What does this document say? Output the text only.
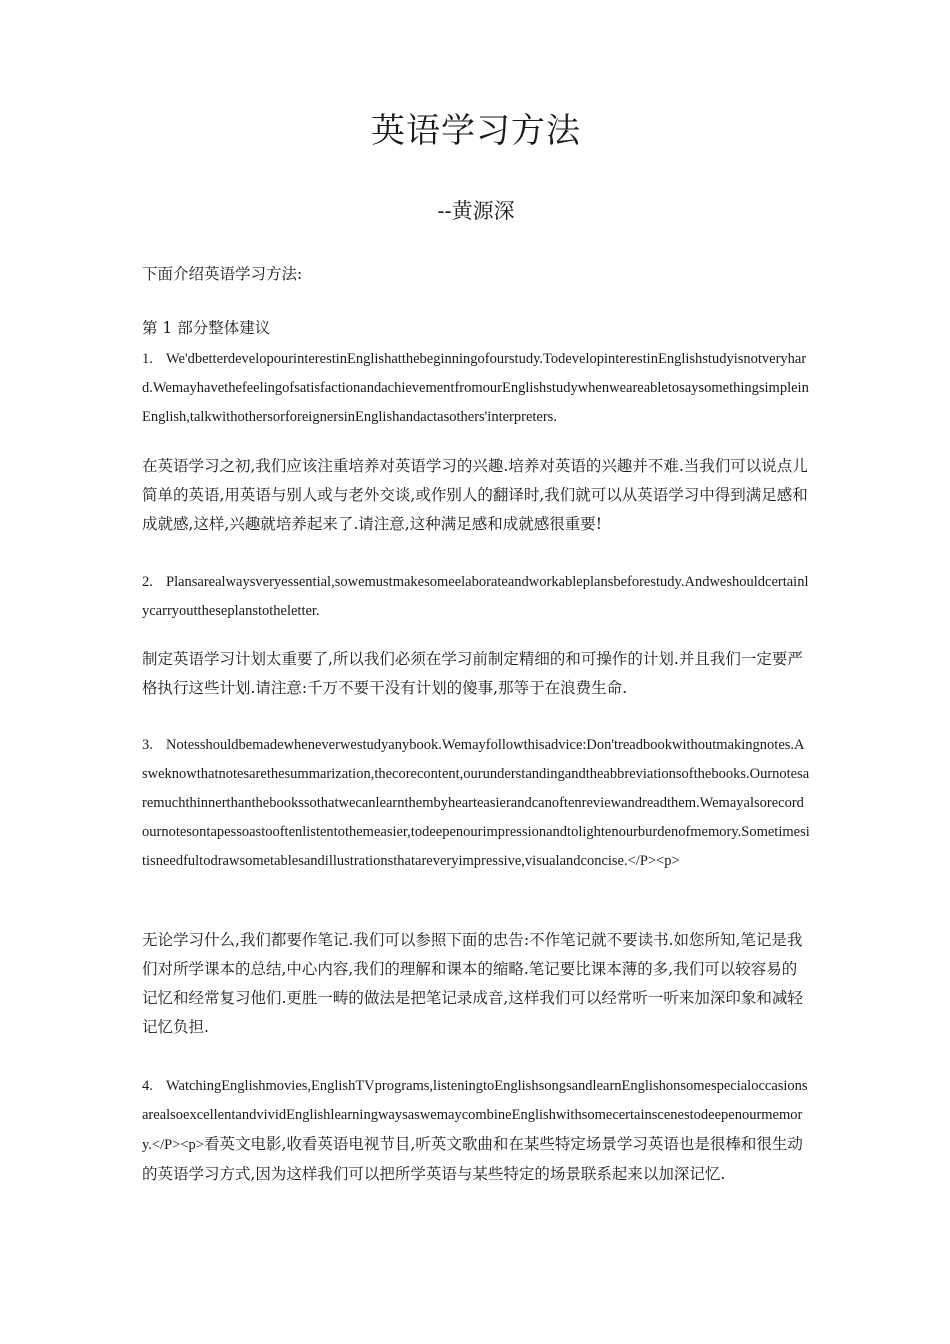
英语学习方法

--黄源深

下面介绍英语学习方法:

第 1 部分整体建议

1. We'dbetterdevelopourinterestinEnglishatthebeginningofourstudy.TodevelopinterestinEnglishstudyisnotveryhard.WemayhavethefeelingofsatisfactionandachievementfromourEnglishstudywhenweareabletosaysomethingsimpleinEnglish,talkwithothersorforeignersinEnglishandactasothers'interpreters.

在英语学习之初,我们应该注重培养对英语学习的兴趣.培养对英语的兴趣并不难.当我们可以说点儿简单的英语,用英语与别人或与老外交谈,或作别人的翻译时,我们就可以从英语学习中得到满足感和成就感,这样,兴趣就培养起来了.请注意,这种满足感和成就感很重要!

2. Plansarealwaysveryessential,sowemustmakesomeelaborateandworkableplansbeforestudy.Andweshouldcertainlycarryouttheseplanstotheletter.

制定英语学习计划太重要了,所以我们必须在学习前制定精细的和可操作的计划.并且我们一定要严格执行这些计划.请注意:千万不要干没有计划的傻事,那等于在浪费生命.

3. Notesshouldbemadewheneverwestudyanybook.Wemayfollowthisadvice:Don'treadbookwithoutmakingnotes.Asweknowthatnotesarethesummarization,thecorecontent,ourunderstandingandtheabbreviationsofthebooks.Ournotesaremuchthinnerthanthebookssothatwecanlearnthembyhearteasierandcanoftenreviewandreadthem.Wemayalsorecordournotesontapessoastooftenlistentothemeasier,todeepenourimpressionandtolightenourburdenofmemory.Sometimesitisneedfultodrawsometablesandillustrationsthatareveryimpressive,visualandconcise.</P><p>

无论学习什么,我们都要作笔记.我们可以参照下面的忠告:不作笔记就不要读书.如您所知,笔记是我们对所学课本的总结,中心内容,我们的理解和课本的缩略.笔记要比课本薄的多,我们可以较容易的记忆和经常复习他们.更胜一畴的做法是把笔记录成音,这样我们可以经常听一听来加深印象和减轻记忆负担.

4. WatchingEnglishmovies,EnglishTVprograms,listeningtoEnglishsongsandlearnEnglishonsomespecialoccasionsarealsoexcellentandvividEnglishlearningwaysaswemaycombineEnglishwithsomecertainscenestodeepenourmemory.</P><p>看英文电影,收看英语电视节目,听英文歌曲和在某些特定场景学习英语也是很棒和很生动的英语学习方式,因为这样我们可以把所学英语与某些特定的场景联系起来以加深记忆.
